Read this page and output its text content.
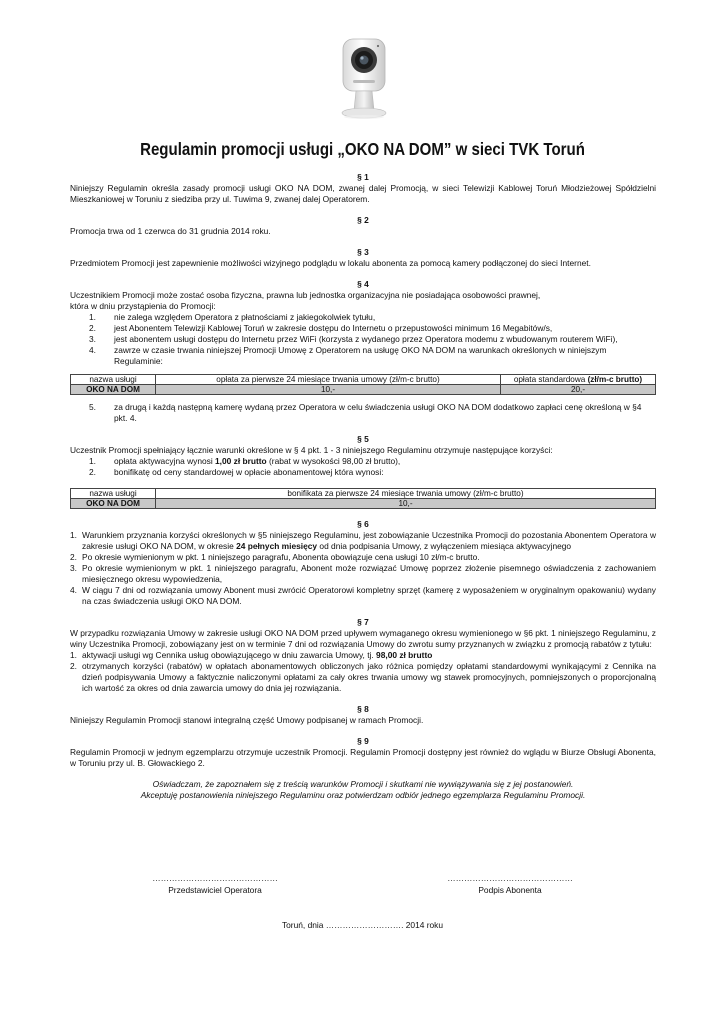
Regulamin promocji usługi „OKO NA DOM” w sieci TVK Toruń

§ 1

Niniejszy Regulamin określa zasady promocji usługi OKO NA DOM, zwanej dalej Promocją, w sieci Telewizji Kablowej Toruń Młodzieżowej Spółdzielni Mieszkaniowej w Toruniu z siedziba przy ul. Tuwima 9, zwanej dalej Operatorem.

§ 2

Promocja trwa od 1 czerwca do 31 grudnia 2014 roku.

§ 3

Przedmiotem Promocji jest zapewnienie możliwości wizyjnego podglądu w lokalu abonenta za pomocą kamery podłączonej do sieci Internet.

§ 4

Uczestnikiem Promocji może zostać osoba fizyczna, prawna lub jednostka organizacyjna nie posiadająca osobowości prawnej,

która w dniu przystąpienia do Promocji:

1.	nie zalega względem Operatora z płatnościami z jakiegokolwiek tytułu,
2.	jest Abonentem Telewizji Kablowej Toruń w zakresie dostępu do Internetu o przepustowości minimum 16 Megabitów/s,
3.	jest abonentem usługi dostępu do Internetu przez WiFi (korzysta z wydanego przez Operatora modemu z wbudowanym routerem WiFi),
4.	zawrze w czasie trwania niniejszej Promocji Umowę z Operatorem na usługę OKO NA DOM na warunkach określonych w niniejszym Regulaminie:
nazwa usługi	opłata za pierwsze 24 miesiące trwania umowy (zł/m-c brutto)	opłata standardowa (zł/m-c brutto)
OKO NA DOM	10,-	20,-
5.	za drugą i każdą następną kamerę wydaną przez Operatora w celu świadczenia usługi OKO NA DOM dodatkowo zapłaci cenę określoną w §4 pkt. 4.

§ 5

Uczestnik Promocji spełniający łącznie warunki określone w § 4 pkt. 1 - 3 niniejszego Regulaminu otrzymuje następujące korzyści:

1.	opłata aktywacyjna wynosi 1,00 zł brutto (rabat w wysokości 98,00 zł brutto),
2.	bonifikatę od ceny standardowej w opłacie abonamentowej która wynosi:
nazwa usługi	bonifikata za pierwsze 24 miesiące trwania umowy (zł/m-c brutto)
OKO NA DOM	10,-

§ 6

1. Warunkiem przyznania korzyści określonych w §5 niniejszego Regulaminu, jest zobowiązanie Uczestnika Promocji do pozostania Abonentem Operatora w zakresie usługi OKO NA DOM, w okresie 24 pełnych miesięcy od dnia podpisania Umowy, z wyłączeniem miesiąca aktywacyjnego
2. Po okresie wymienionym w pkt. 1 niniejszego paragrafu, Abonenta obowiązuje cena usługi 10 zł/m-c brutto.
3. Po okresie wymienionym w pkt. 1 niniejszego paragrafu, Abonent może rozwiązać Umowę poprzez złożenie pisemnego oświadczenia z zachowaniem miesięcznego okresu wypowiedzenia,
4. W ciągu 7 dni od rozwiązania umowy Abonent musi zwrócić Operatorowi kompletny sprzęt (kamerę z wyposażeniem w oryginalnym opakowaniu) wydany na czas świadczenia usługi OKO NA DOM.

§ 7

W przypadku rozwiązania Umowy w zakresie usługi OKO NA DOM przed upływem wymaganego okresu wymienionego w §6 pkt. 1 niniejszego Regulaminu, z winy Uczestnika Promocji, zobowiązany jest on w terminie 7 dni od rozwiązania Umowy do zwrotu sumy przyznanych w związku z promocją rabatów z tytułu:

1. aktywacji usługi wg Cennika usług obowiązującego w dniu zawarcia Umowy, tj. 98,00 zł brutto
2. otrzymanych korzyści (rabatów) w opłatach abonamentowych obliczonych jako różnica pomiędzy opłatami standardowymi wynikającymi z Cennika na dzień podpisywania Umowy a faktycznie naliczonymi opłatami za cały okres trwania umowy wg stawek promocyjnych, pomniejszonych o proporcjonalną ich wartość za okres od dnia zawarcia umowy do dnia jej rozwiązania.

§ 8

Niniejszy Regulamin Promocji stanowi integralną część Umowy podpisanej w ramach Promocji.

§ 9

Regulamin Promocji w jednym egzemplarzu otrzymuje uczestnik Promocji. Regulamin Promocji dostępny jest również do wglądu w Biurze Obsługi Abonenta, w Toruniu przy ul. B. Głowackiego 2.

Oświadczam, że zapoznałem się z treścią warunków Promocji i skutkami nie wywiązywania się z jej postanowień.

Akceptuję postanowienia niniejszego Regulaminu oraz potwierdzam odbiór jednego egzemplarza Regulaminu Promocji.

………………………………………
Przedstawiciel Operatora
………………………………………
Podpis Abonenta
Toruń, dnia ………………………. 2014 roku
